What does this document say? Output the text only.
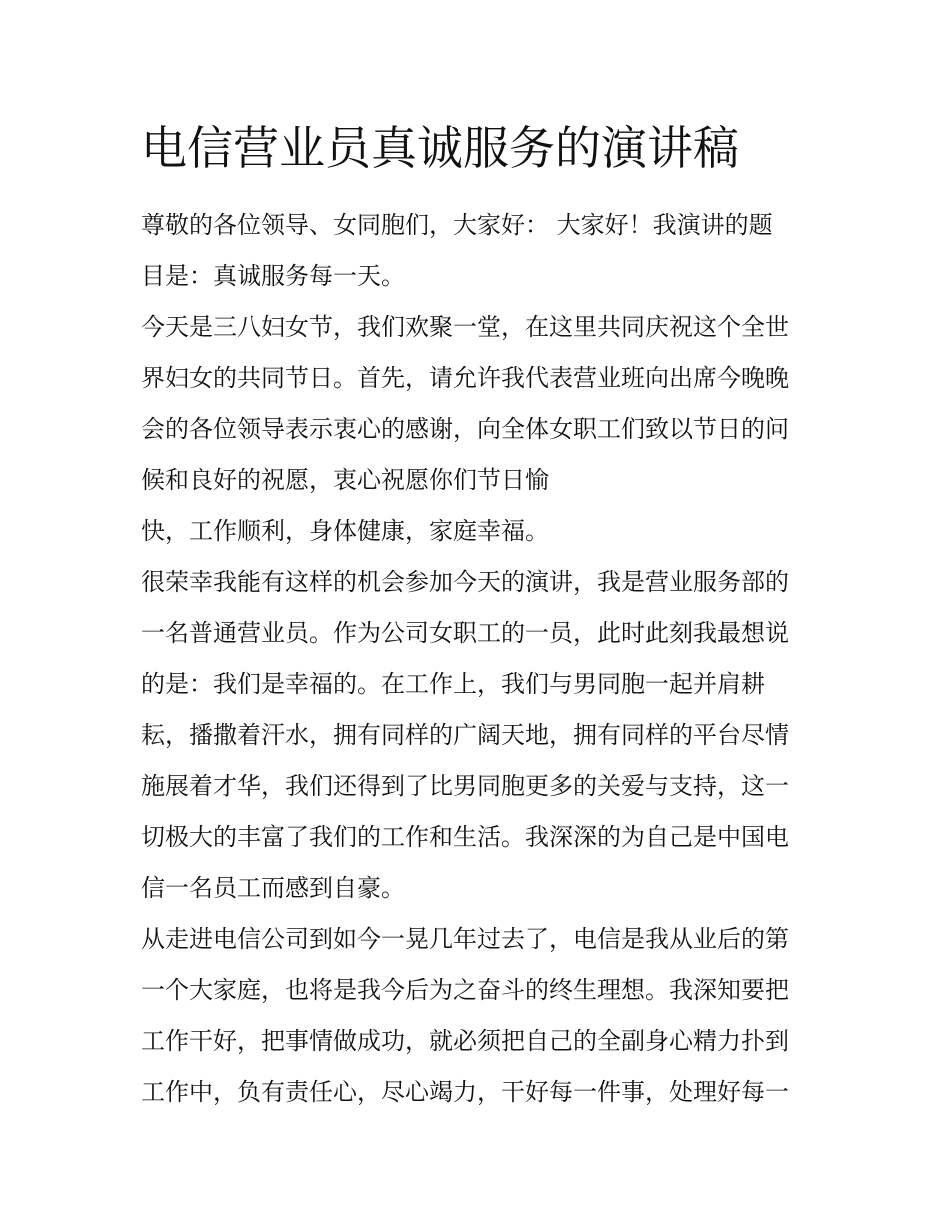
电信营业员真诚服务的演讲稿
尊敬的各位领导、女同胞们，大家好： 大家好！我演讲的题
目是：真诚服务每一天。
今天是三八妇女节，我们欢聚一堂，在这里共同庆祝这个全世
界妇女的共同节日。首先，请允许我代表营业班向出席今晚晚
会的各位领导表示衷心的感谢，向全体女职工们致以节日的问
候和良好的祝愿，衷心祝愿你们节日愉
快，工作顺利，身体健康，家庭幸福。
很荣幸我能有这样的机会参加今天的演讲，我是营业服务部的
一名普通营业员。作为公司女职工的一员，此时此刻我最想说
的是：我们是幸福的。在工作上，我们与男同胞一起并肩耕
耘，播撒着汗水，拥有同样的广阔天地，拥有同样的平台尽情
施展着才华，我们还得到了比男同胞更多的关爱与支持，这一
切极大的丰富了我们的工作和生活。我深深的为自己是中国电
信一名员工而感到自豪。
从走进电信公司到如今一晃几年过去了，电信是我从业后的第
一个大家庭，也将是我今后为之奋斗的终生理想。我深知要把
工作干好，把事情做成功，就必须把自己的全副身心精力扑到
工作中，负有责任心，尽心竭力，干好每一件事，处理好每一
